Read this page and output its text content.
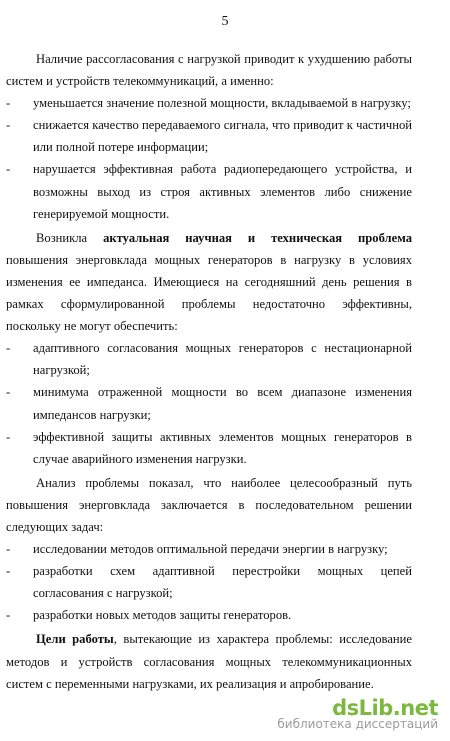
5

Наличие рассогласования с нагрузкой приводит к ухудшению работы систем и устройств телекоммуникаций, а именно:

- уменьшается значение полезной мощности, вкладываемой в нагрузку;
- снижается качество передаваемого сигнала, что приводит к частичной или полной потере информации;
- нарушается эффективная работа радиопередающего устройства, и возможны выход из строя активных элементов либо снижение генерируемой мощности.

Возникла актуальная научная и техническая проблема повышения энерговклада мощных генераторов в нагрузку в условиях изменения ее импеданса. Имеющиеся на сегодняшний день решения в рамках сформулированной проблемы недостаточно эффективны, поскольку не могут обеспечить:

- адаптивного согласования мощных генераторов с нестационарной нагрузкой;
- минимума отраженной мощности во всем диапазоне изменения импедансов нагрузки;
- эффективной защиты активных элементов мощных генераторов в случае аварийного изменения нагрузки.

Анализ проблемы показал, что наиболее целесообразный путь повышения энерговклада заключается в последовательном решении следующих задач:

- исследовании методов оптимальной передачи энергии в нагрузку;
- разработки схем адаптивной перестройки мощных цепей согласования с нагрузкой;
- разработки новых методов защиты генераторов.

Цели работы, вытекающие из характера проблемы: исследование методов и устройств согласования мощных телекоммуникационных систем с переменными нагрузками, их реализация и апробирование.

dsLib.net
библиотека диссертаций
